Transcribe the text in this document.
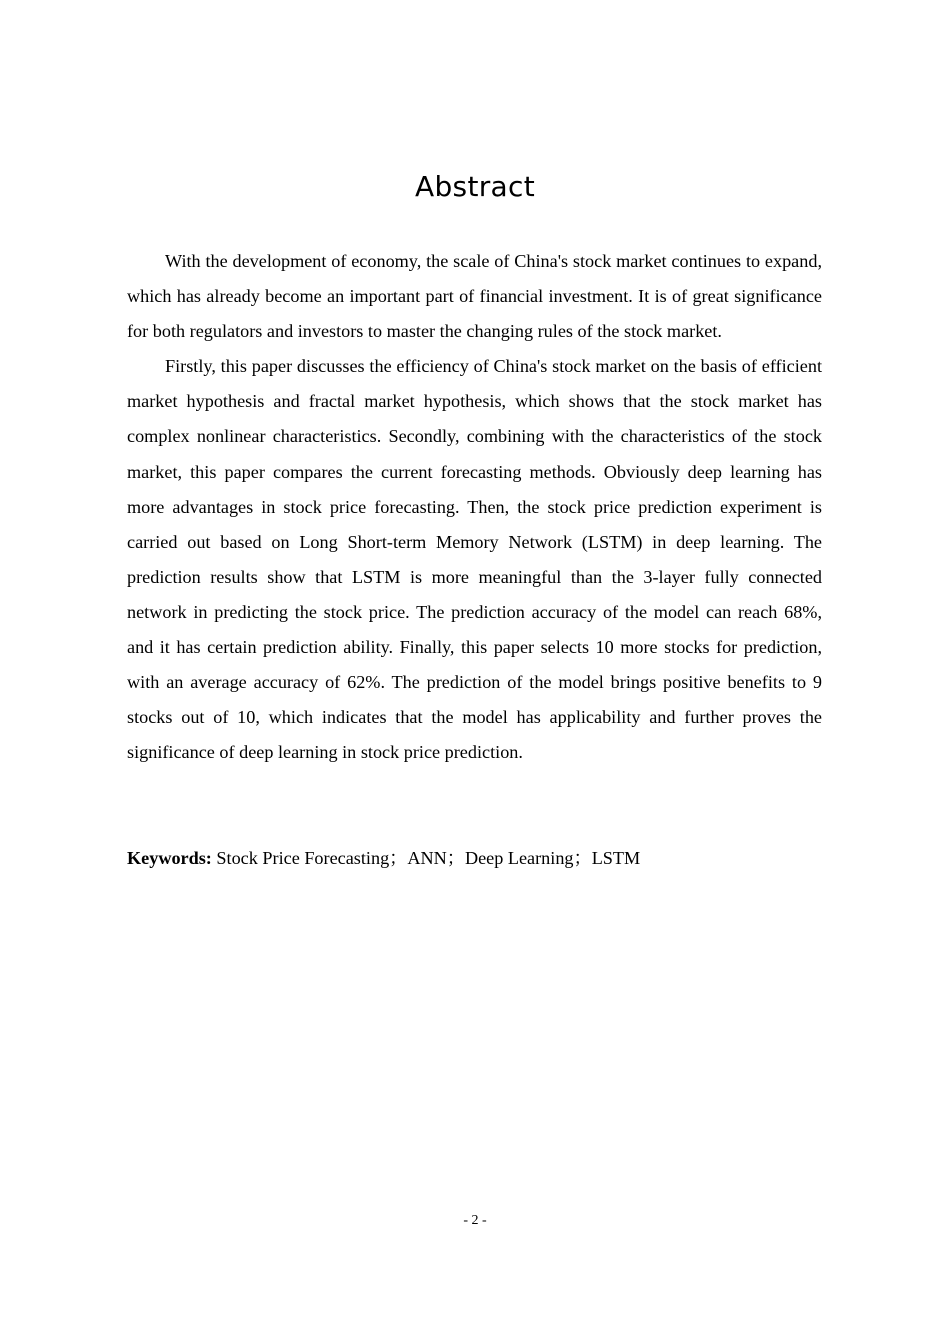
Abstract

With the development of economy, the scale of China's stock market continues to expand, which has already become an important part of financial investment. It is of great significance for both regulators and investors to master the changing rules of the stock market.

Firstly, this paper discusses the efficiency of China's stock market on the basis of efficient market hypothesis and fractal market hypothesis, which shows that the stock market has complex nonlinear characteristics. Secondly, combining with the characteristics of the stock market, this paper compares the current forecasting methods. Obviously deep learning has more advantages in stock price forecasting. Then, the stock price prediction experiment is carried out based on Long Short-term Memory Network (LSTM) in deep learning. The prediction results show that LSTM is more meaningful than the 3-layer fully connected network in predicting the stock price. The prediction accuracy of the model can reach 68%, and it has certain prediction ability. Finally, this paper selects 10 more stocks for prediction, with an average accuracy of 62%. The prediction of the model brings positive benefits to 9 stocks out of 10, which indicates that the model has applicability and further proves the significance of deep learning in stock price prediction.

Keywords: Stock Price Forecasting；ANN；Deep Learning；LSTM
- 2 -
